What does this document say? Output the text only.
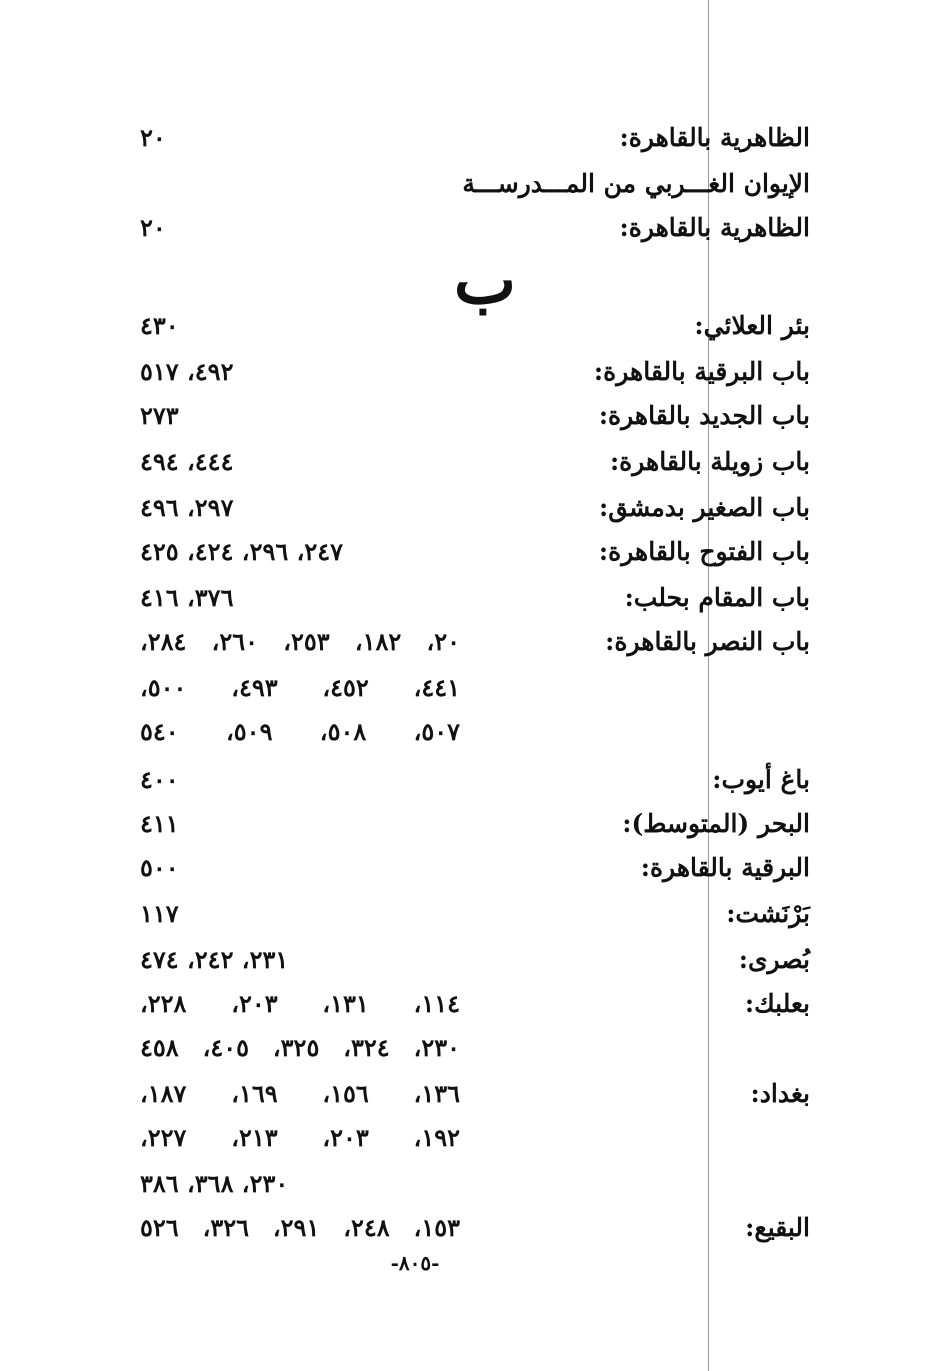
الظاهرية بالقاهرة:
٢٠
الإيوان الغـــربي من المـــدرســـة
الظاهرية بالقاهرة:
٢٠
ب
بئر العلائي:
٤٣٠
باب البرقية بالقاهرة:
٤٩٢، ٥١٧
باب الجديد بالقاهرة:
٢٧٣
باب زويلة بالقاهرة:
٤٤٤، ٤٩٤
باب الصغير بدمشق:
٢٩٧، ٤٩٦
باب الفتوح بالقاهرة:
٢٤٧، ٢٩٦، ٤٢٤، ٤٢٥
باب المقام بحلب:
٣٧٦، ٤١٦
باب النصر بالقاهرة:
٢٠، ١٨٢، ٢٥٣، ٢٦٠، ٢٨٤،
٤٤١، ٤٥٢، ٤٩٣، ٥٠٠،
٥٠٧، ٥٠٨، ٥٠٩، ٥٤٠
باغ أيوب:
٤٠٠
البحر (المتوسط):
٤١١
البرقية بالقاهرة:
٥٠٠
بَرْنَشت:
١١٧
بُصرى:
٢٣١، ٢٤٢، ٤٧٤
بعلبك:
١١٤، ١٣١، ٢٠٣، ٢٢٨،
٢٣٠، ٣٢٤، ٣٢٥، ٤٠٥، ٤٥٨
بغداد:
١٣٦، ١٥٦، ١٦٩، ١٨٧،
١٩٢، ٢٠٣، ٢١٣، ٢٢٧،
٢٣٠، ٣٦٨، ٣٨٦
البقيع:
١٥٣، ٢٤٨، ٢٩١، ٣٢٦، ٥٢٦
-٨٠٥-
